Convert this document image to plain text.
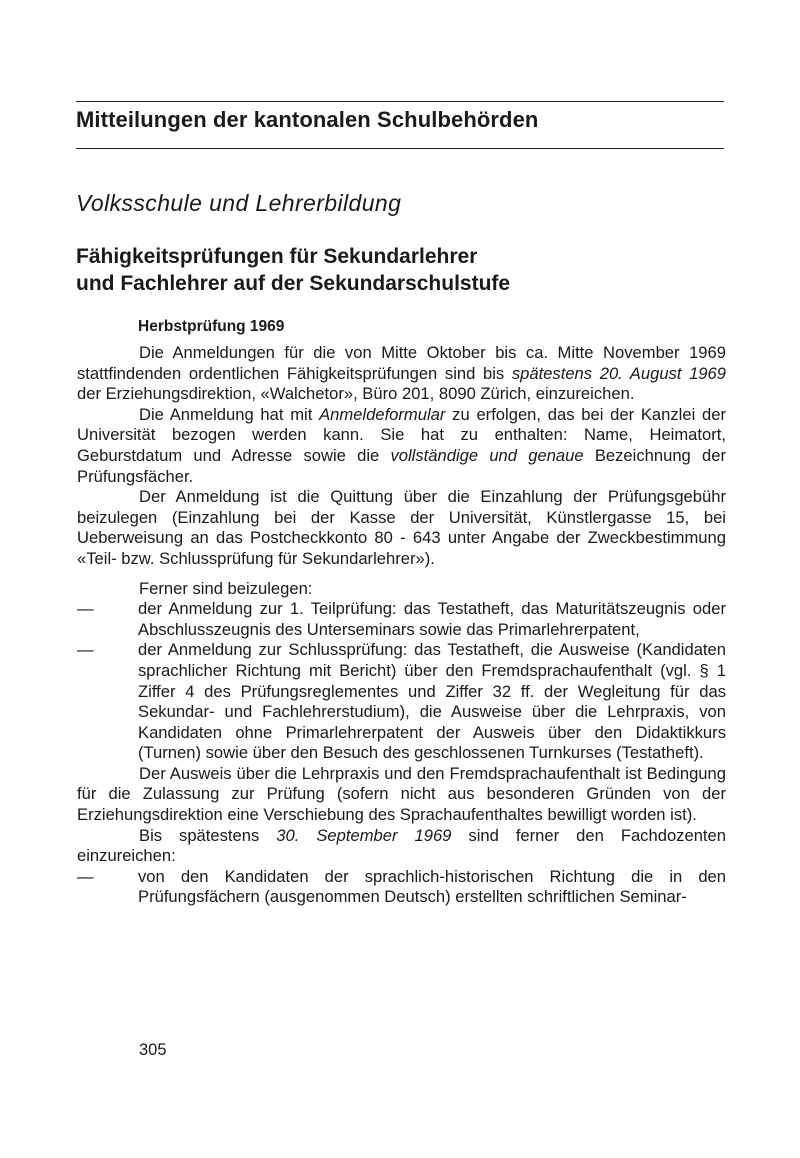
Mitteilungen der kantonalen Schulbehörden
Volksschule und Lehrerbildung
Fähigkeitsprüfungen für Sekundarlehrer
und Fachlehrer auf der Sekundarschulstufe
Herbstprüfung 1969

Die Anmeldungen für die von Mitte Oktober bis ca. Mitte November 1969 stattfindenden ordentlichen Fähigkeitsprüfungen sind bis spätestens 20. August 1969 der Erziehungsdirektion, «Walchetor», Büro 201, 8090 Zürich, einzureichen.

Die Anmeldung hat mit Anmeldeformular zu erfolgen, das bei der Kanzlei der Universität bezogen werden kann. Sie hat zu enthalten: Name, Heimatort, Geburstdatum und Adresse sowie die vollständige und genaue Bezeichnung der Prüfungsfächer.

Der Anmeldung ist die Quittung über die Einzahlung der Prüfungsgebühr beizulegen (Einzahlung bei der Kasse der Universität, Künstlergasse 15, bei Ueberweisung an das Postcheckkonto 80 - 643 unter Angabe der Zweckbestimmung «Teil- bzw. Schlussprüfung für Sekundarlehrer»).

Ferner sind beizulegen:

—	der Anmeldung zur 1. Teilprüfung: das Testatheft, das Maturitätszeugnis oder Abschlusszeugnis des Unterseminars sowie das Primarlehrerpatent,

—	der Anmeldung zur Schlussprüfung: das Testatheft, die Ausweise (Kandidaten sprachlicher Richtung mit Bericht) über den Fremdsprachaufenthalt (vgl. § 1 Ziffer 4 des Prüfungsreglementes und Ziffer 32 ff. der Wegleitung für das Sekundar- und Fachlehrerstudium), die Ausweise über die Lehrpraxis, von Kandidaten ohne Primarlehrerpatent der Ausweis über den Didaktikkurs (Turnen) sowie über den Besuch des geschlossenen Turnkurses (Testatheft).

Der Ausweis über die Lehrpraxis und den Fremdsprachaufenthalt ist Bedingung für die Zulassung zur Prüfung (sofern nicht aus besonderen Gründen von der Erziehungsdirektion eine Verschiebung des Sprachaufenthaltes bewilligt worden ist).

Bis spätestens 30. September 1969 sind ferner den Fachdozenten einzureichen:

—	von den Kandidaten der sprachlich-historischen Richtung die in den Prüfungsfächern (ausgenommen Deutsch) erstellten schriftlichen Seminar-

305
